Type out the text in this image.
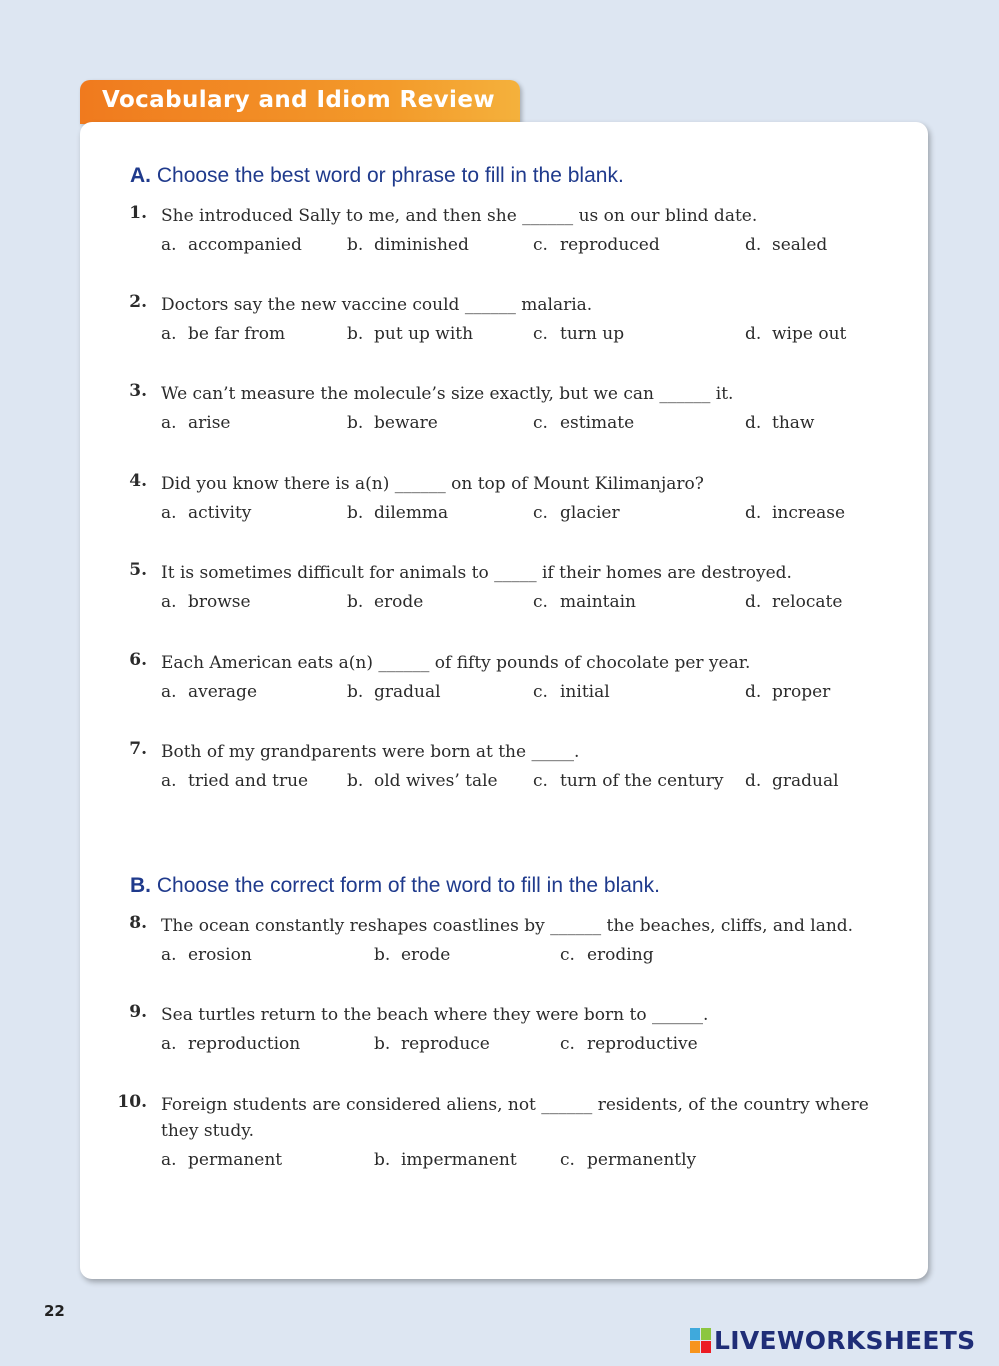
Vocabulary and Idiom Review
A. Choose the best word or phrase to fill in the blank.
1. She introduced Sally to me, and then she ______ us on our blind date.
a. accompanied	b. diminished	c. reproduced	d. sealed
2. Doctors say the new vaccine could ______ malaria.
a. be far from	b. put up with	c. turn up	d. wipe out
3. We can’t measure the molecule’s size exactly, but we can ______ it.
a. arise	b. beware	c. estimate	d. thaw
4. Did you know there is a(n) ______ on top of Mount Kilimanjaro?
a. activity	b. dilemma	c. glacier	d. increase
5. It is sometimes difficult for animals to _____ if their homes are destroyed.
a. browse	b. erode	c. maintain	d. relocate
6. Each American eats a(n) ______ of fifty pounds of chocolate per year.
a. average	b. gradual	c. initial	d. proper
7. Both of my grandparents were born at the _____.
a. tried and true b. old wives’ tale c. turn of the century d. gradual
B. Choose the correct form of the word to fill in the blank.
8. The ocean constantly reshapes coastlines by ______ the beaches, cliffs, and land.
a. erosion	b. erode	c. eroding
9. Sea turtles return to the beach where they were born to ______.
a. reproduction	b. reproduce	c. reproductive
10. Foreign students are considered aliens, not ______ residents, of the country where they study.
a. permanent	b. impermanent	c. permanently
22
LIVEWORKSHEETS
